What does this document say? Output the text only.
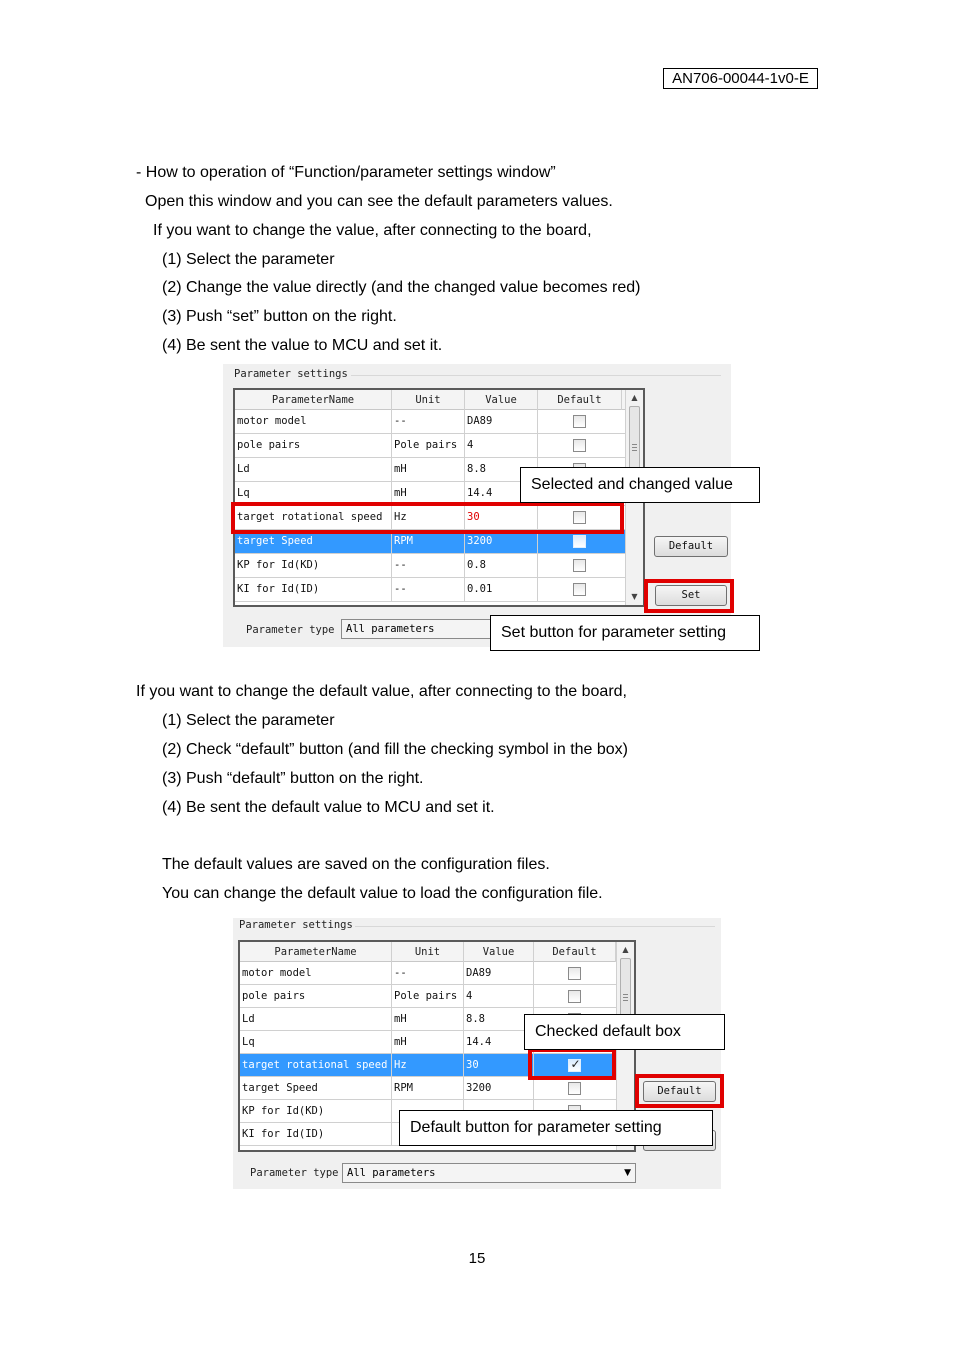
AN706-00044-1v0-E
- How to operation of “Function/parameter settings window”
Open this window and you can see the default parameters values.
If you want to change the value, after connecting to the board,
(1) Select the parameter
(2) Change the value directly (and the changed value becomes red)
(3) Push “set” button on the right.
(4) Be sent the value to MCU and set it.
Parameter settings
ParameterName	Unit	Value	Default
motor model	--	DA89
pole pairs	Pole pairs 4
Ld	mH	8.8
Lq	mH	14.4
target rotational speed	Hz	30
target Speed	RPM	3200
KP for Id(KD)	--	0.8
KI for Id(ID)	--	0.01
▲
▼
Default
Set
Parameter type	All parameters
Selected and changed value
Set button for parameter setting
If you want to change the default value, after connecting to the board,
(1) Select the parameter
(2) Check “default” button (and fill the checking symbol in the box)
(3) Push “default” button on the right.
(4) Be sent the default value to MCU and set it.
The default values are saved on the configuration files.
You can change the default value to load the configuration file.
Parameter settings
ParameterName	Unit	Value	Default
motor model	--	DA89
pole pairs	Pole pairs 4
Ld	mH	8.8
Lq	mH	14.4
target rotational speed Hz	30	✓
target Speed	RPM	3200
KP for Id(KD)
KI for Id(ID)
▲
Default
Parameter type All parameters	▼
Checked default box
Default button for parameter setting
15
